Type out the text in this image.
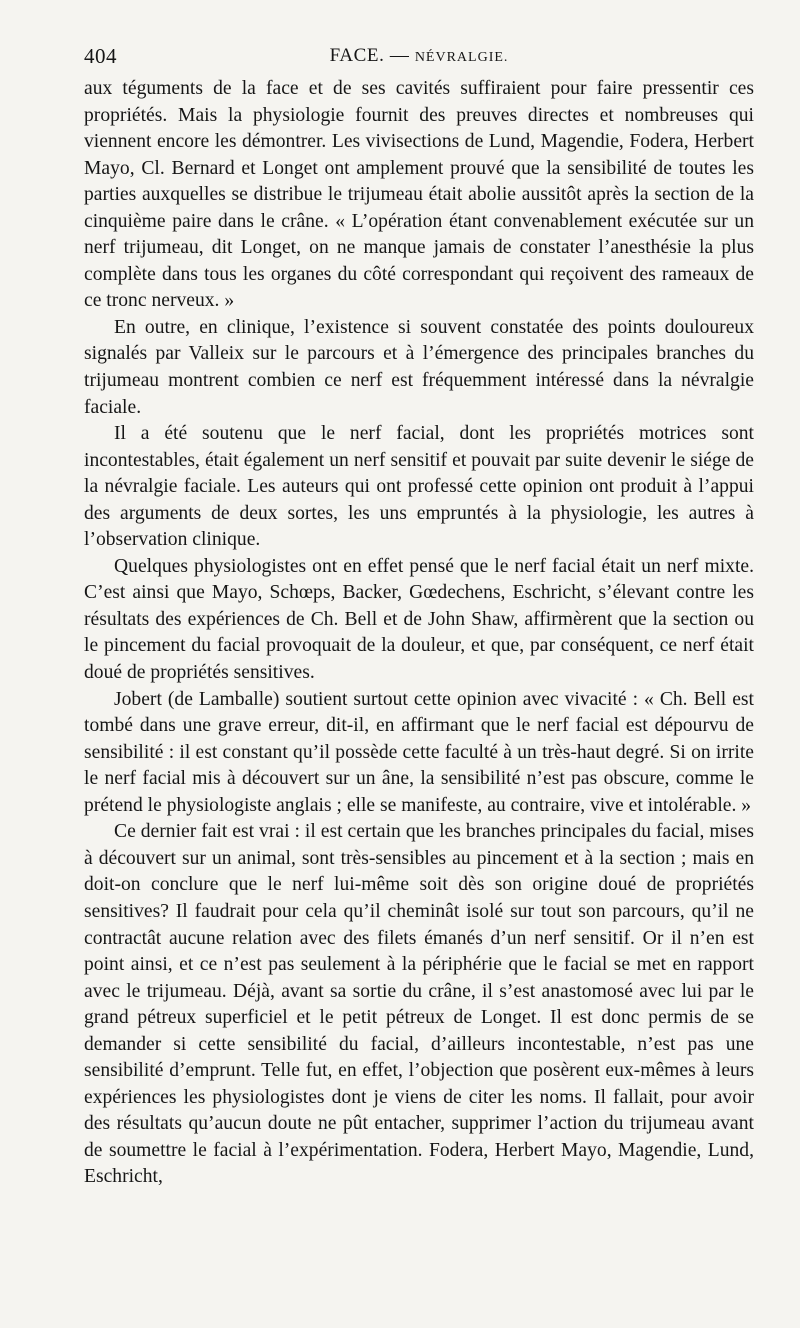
404	FACE. — NÉVRALGIE.

aux téguments de la face et de ses cavités suffiraient pour faire pressentir ces propriétés. Mais la physiologie fournit des preuves directes et nombreuses qui viennent encore les démontrer. Les vivisections de Lund, Magendie, Fodera, Herbert Mayo, Cl. Bernard et Longet ont amplement prouvé que la sensibilité de toutes les parties auxquelles se distribue le trijumeau était abolie aussitôt après la section de la cinquième paire dans le crâne. « L’opération étant convenablement exécutée sur un nerf trijumeau, dit Longet, on ne manque jamais de constater l’anesthésie la plus complète dans tous les organes du côté correspondant qui reçoivent des rameaux de ce tronc nerveux. »

En outre, en clinique, l’existence si souvent constatée des points douloureux signalés par Valleix sur le parcours et à l’émergence des principales branches du trijumeau montrent combien ce nerf est fréquemment intéressé dans la névralgie faciale.

Il a été soutenu que le nerf facial, dont les propriétés motrices sont incontestables, était également un nerf sensitif et pouvait par suite devenir le siége de la névralgie faciale. Les auteurs qui ont professé cette opinion ont produit à l’appui des arguments de deux sortes, les uns empruntés à la physiologie, les autres à l’observation clinique.

Quelques physiologistes ont en effet pensé que le nerf facial était un nerf mixte. C’est ainsi que Mayo, Schœps, Backer, Gœdechens, Eschricht, s’élevant contre les résultats des expériences de Ch. Bell et de John Shaw, affirmèrent que la section ou le pincement du facial provoquait de la douleur, et que, par conséquent, ce nerf était doué de propriétés sensitives.

Jobert (de Lamballe) soutient surtout cette opinion avec vivacité : « Ch. Bell est tombé dans une grave erreur, dit-il, en affirmant que le nerf facial est dépourvu de sensibilité : il est constant qu’il possède cette faculté à un très-haut degré. Si on irrite le nerf facial mis à découvert sur un âne, la sensibilité n’est pas obscure, comme le prétend le physiologiste anglais ; elle se manifeste, au contraire, vive et intolérable. »

Ce dernier fait est vrai : il est certain que les branches principales du facial, mises à découvert sur un animal, sont très-sensibles au pincement et à la section ; mais en doit-on conclure que le nerf lui-même soit dès son origine doué de propriétés sensitives? Il faudrait pour cela qu’il cheminât isolé sur tout son parcours, qu’il ne contractât aucune relation avec des filets émanés d’un nerf sensitif. Or il n’en est point ainsi, et ce n’est pas seulement à la périphérie que le facial se met en rapport avec le trijumeau. Déjà, avant sa sortie du crâne, il s’est anastomosé avec lui par le grand pétreux superficiel et le petit pétreux de Longet. Il est donc permis de se demander si cette sensibilité du facial, d’ailleurs incontestable, n’est pas une sensibilité d’emprunt. Telle fut, en effet, l’objection que posèrent eux-mêmes à leurs expériences les physiologistes dont je viens de citer les noms. Il fallait, pour avoir des résultats qu’aucun doute ne pût entacher, supprimer l’action du trijumeau avant de soumettre le facial à l’expérimentation. Fodera, Herbert Mayo, Magendie, Lund, Eschricht,
